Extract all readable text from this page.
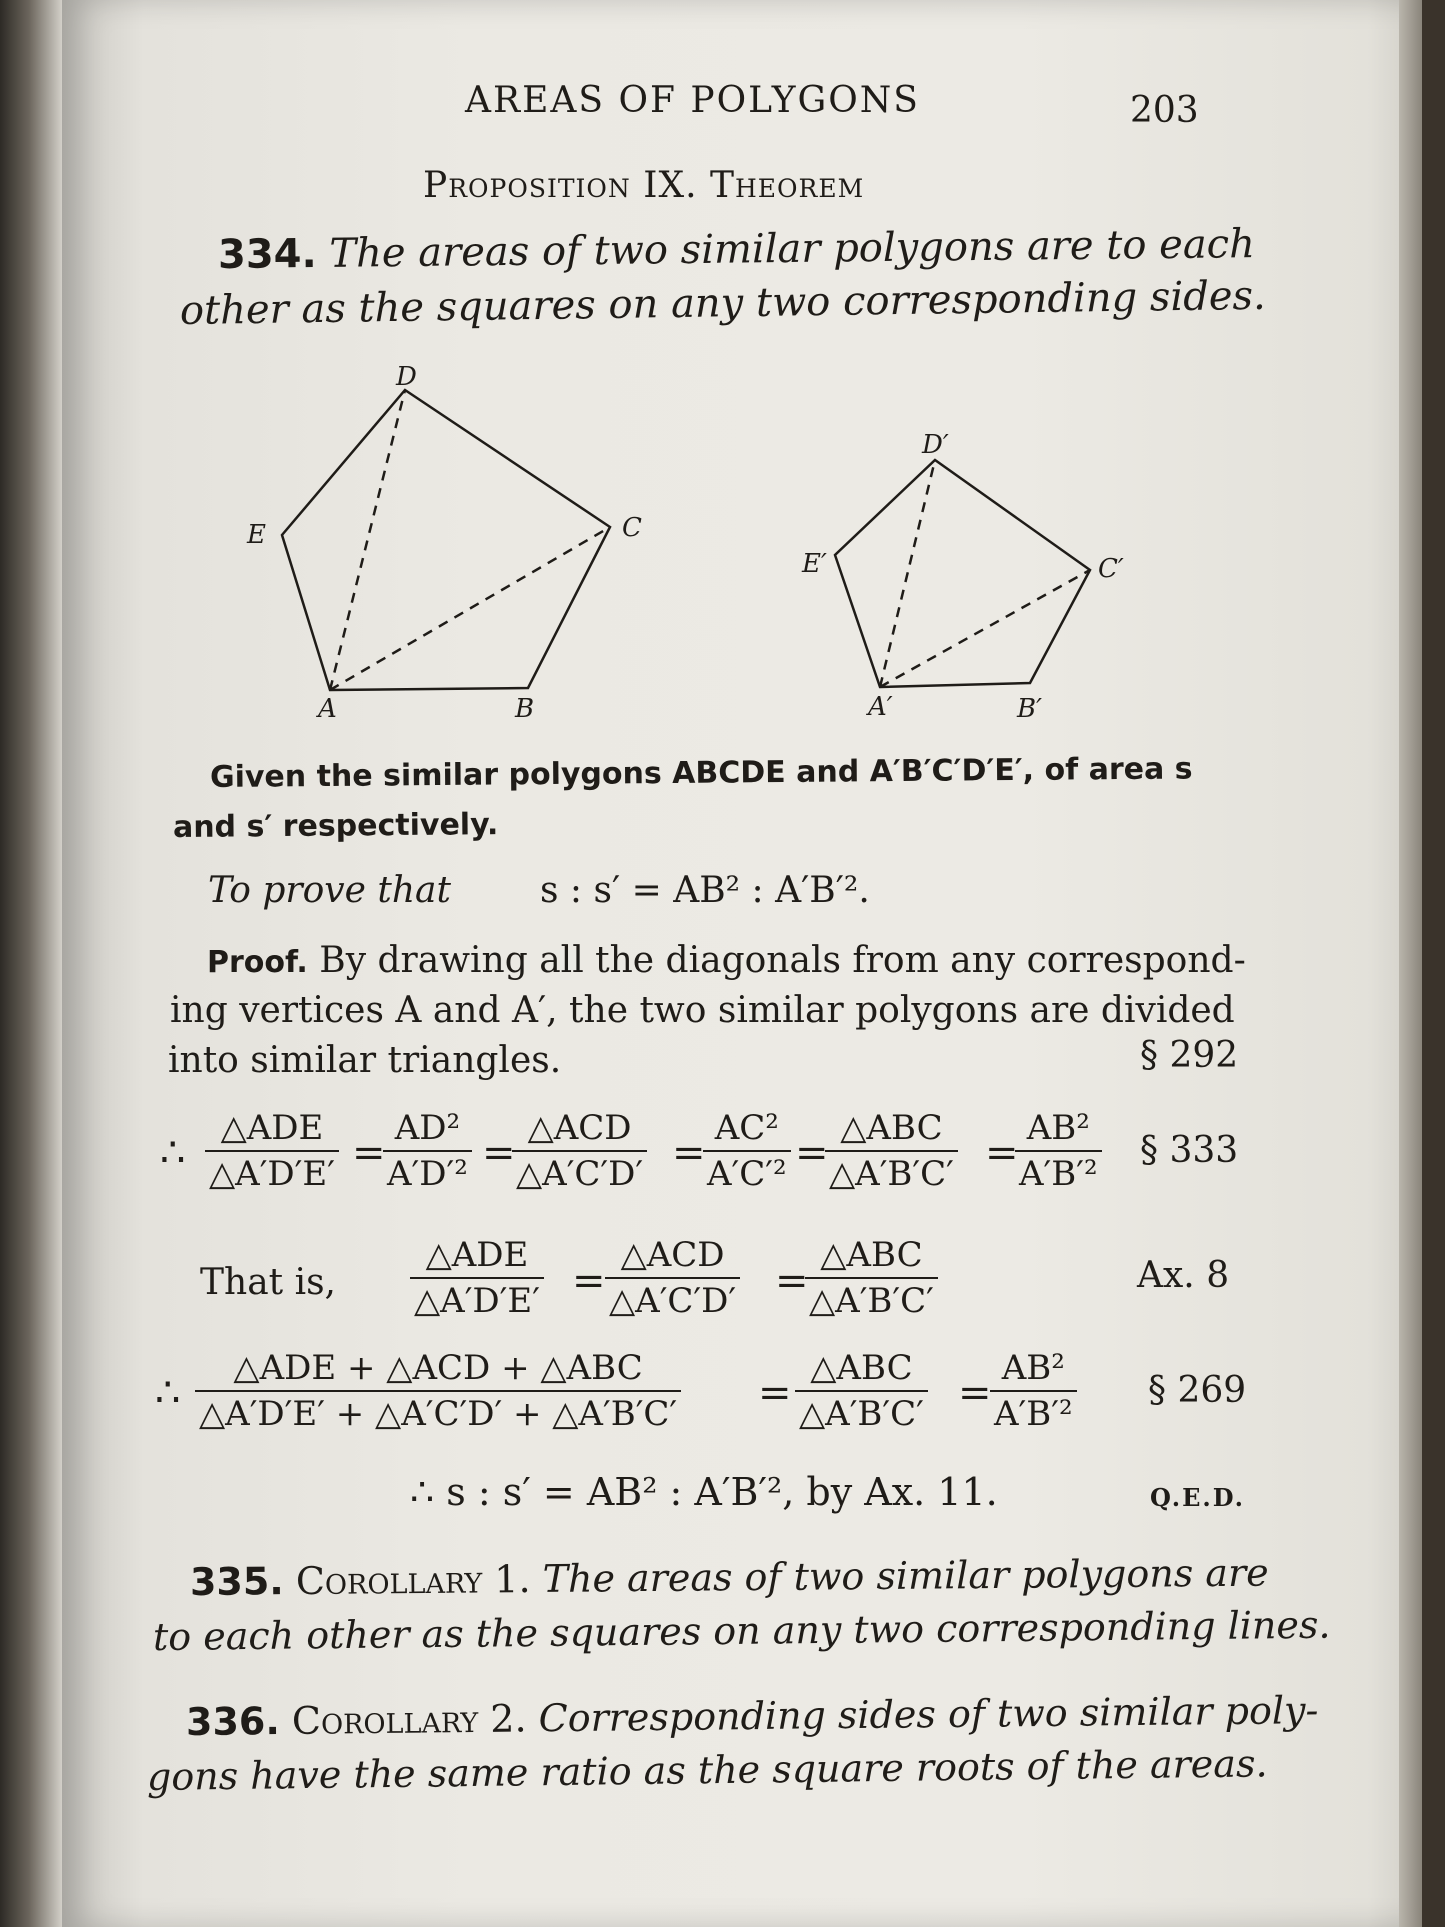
AREAS OF POLYGONS	203
Proposition IX. Theorem
334. The areas of two similar polygons are to each
other as the squares on any two corresponding sides.
D
E	C
A	B
D′
E′	C′
A′	B′
Given the similar polygons ABCDE and A′B′C′D′E′, of area s
and s′ respectively.
To prove that s : s′ = AB² : A′B′².
Proof. By drawing all the diagonals from any correspond-
ing vertices A and A′, the two similar polygons are divided
into similar triangles.	§ 292
∴
△ADE
△A′D′E′ =
AD²
A′D′² =
△ACD
△A′C′D′ =
AC²
A′C′² =
△ABC
△A′B′C′ =
AB²
A′B′²
§ 333
That is,
△ADE
△A′D′E′ =
△ACD
△A′C′D′ =
△ABC
△A′B′C′
Ax. 8
∴
△ADE + △ACD + △ABC
△A′D′E′ + △A′C′D′ + △A′B′C′ =
△ABC
△A′B′C′ =
AB²
A′B′²
§ 269
∴ s : s′ = AB² : A′B′², by Ax. 11.	Q.E.D.
335. Corollary 1. The areas of two similar polygons are
to each other as the squares on any two corresponding lines.
336. Corollary 2. Corresponding sides of two similar poly-
gons have the same ratio as the square roots of the areas.
